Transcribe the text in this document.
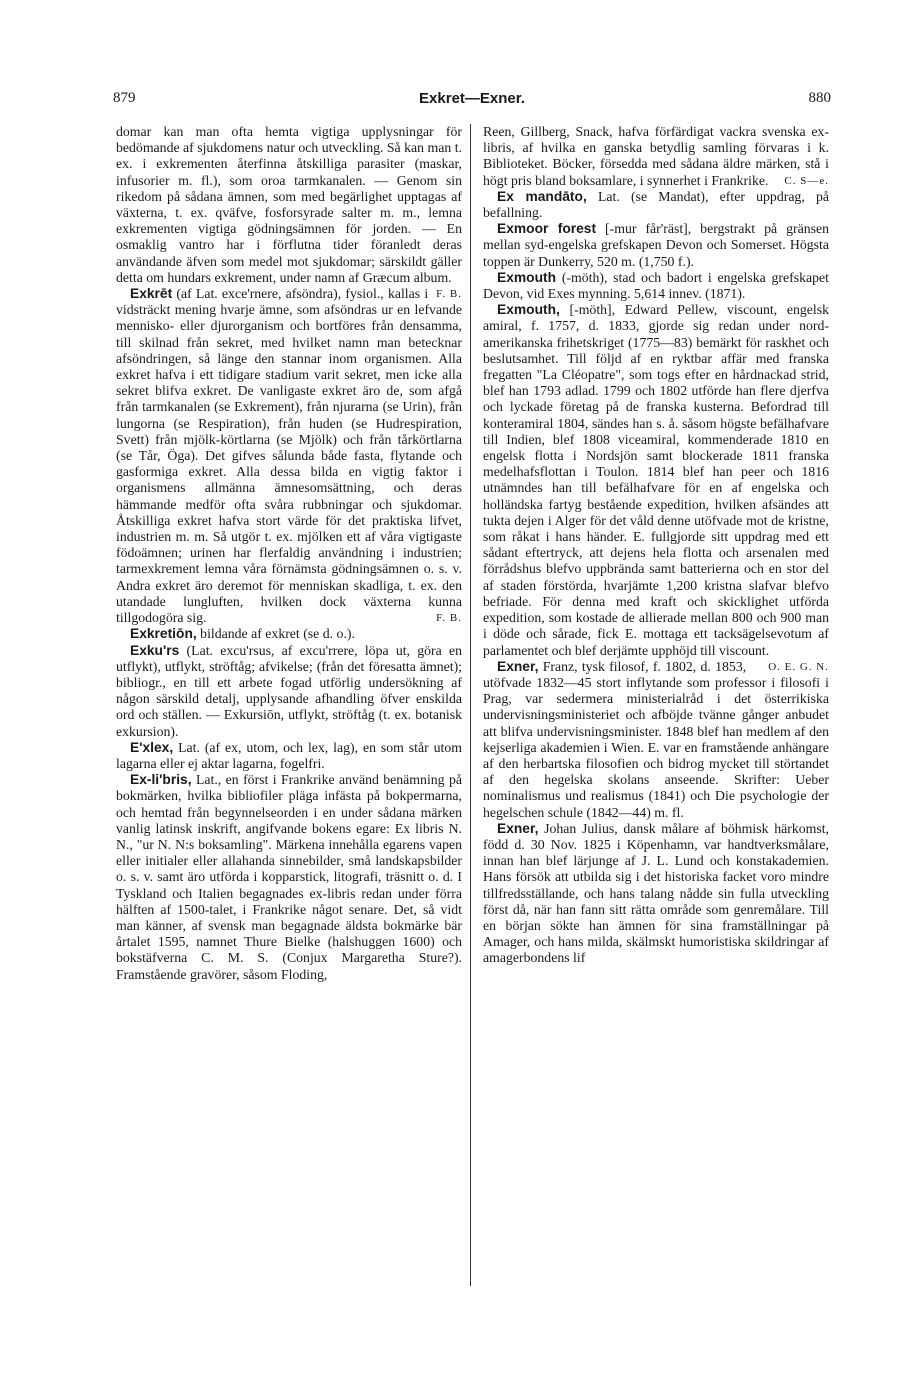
879	Exkret—Exner.	880

domar kan man ofta hemta vigtiga upplysningar för bedömande af sjukdomens natur och utveckling. Så kan man t. ex. i exkrementen återfinna åtskilliga parasiter (maskar, infusorier m. fl.), som oroa tarmkanalen. — Genom sin rikedom på sådana ämnen, som med begärlighet upptagas af växterna, t. ex. qväfve, fosforsyrade salter m. m., lemna exkrementen vigtiga gödningsämnen för jorden. — En osmaklig vantro har i förflutna tider föranledt deras användande äfven som medel mot sjukdomar; särskildt gäller detta om hundars exkrement, under namn af Græcum album.
F. B.

Exkrēt (af Lat. exce'rnere, afsöndra), fysiol., kallas i vidsträckt mening hvarje ämne, som afsöndras ur en lefvande mennisko- eller djurorganism och bortföres från densamma, till skilnad från sekret, med hvilket namn man betecknar afsöndringen, så länge den stannar inom organismen. Alla exkret hafva i ett tidigare stadium varit sekret, men icke alla sekret blifva exkret. De vanligaste exkret äro de, som afgå från tarmkanalen (se Exkrement), från njurarna (se Urin), från lungorna (se Respiration), från huden (se Hudrespiration, Svett) från mjölk-körtlarna (se Mjölk) och från tårkörtlarna (se Tår, Öga). Det gifves sålunda både fasta, flytande och gasformiga exkret. Alla dessa bilda en vigtig faktor i organismens allmänna ämnesomsättning, och deras hämmande medför ofta svåra rubbningar och sjukdomar. Åtskilliga exkret hafva stort värde för det praktiska lifvet, industrien m. m. Så utgör t. ex. mjölken ett af våra vigtigaste födoämnen; urinen har flerfaldig användning i industrien; tarmexkrement lemna våra förnämsta gödningsämnen o. s. v. Andra exkret äro deremot för menniskan skadliga, t. ex. den utandade lungluften, hvilken dock växterna kunna tillgodogöra sig.	F. B.

Exkretiōn, bildande af exkret (se d. o.).

Exku'rs (Lat. excu'rsus, af excu'rrere, löpa ut, göra en utflykt), utflykt, ströftåg; afvikelse; (från det föresatta ämnet); bibliogr., en till ett arbete fogad utförlig undersökning af någon särskild detalj, upplysande afhandling öfver enskilda ord och ställen. — Exkursiōn, utflykt, ströftåg (t. ex. botanisk exkursion).

E'xlex, Lat. (af ex, utom, och lex, lag), en som står utom lagarna eller ej aktar lagarna, fogelfri.

Ex-li'bris, Lat., en först i Frankrike använd benämning på bokmärken, hvilka bibliofiler pläga infästa på bokpermarna, och hemtad från begynnelseorden i en under sådana märken vanlig latinsk inskrift, angifvande bokens egare: Ex libris N. N., "ur N. N:s boksamling". Märkena innehålla egarens vapen eller initialer eller allahanda sinnebilder, små landskapsbilder o. s. v. samt äro utförda i kopparstick, litografi, träsnitt o. d. I Tyskland och Italien begagnades ex-libris redan under förra hälften af 1500-talet, i Frankrike något senare. Det, så vidt man känner, af svensk man begagnade äldsta bokmärke bär årtalet 1595, namnet Thure Bielke (halshuggen 1600) och bokstäfverna C. M. S. (Conjux Margaretha Sture?). Framstående gravörer, såsom Floding,

Reen, Gillberg, Snack, hafva förfärdigat vackra svenska ex-libris, af hvilka en ganska betydlig samling förvaras i k. Biblioteket. Böcker, försedda med sådana äldre märken, stå i högt pris bland boksamlare, i synnerhet i Frankrike. C. S—e.

Ex mandāto, Lat. (se Mandat), efter uppdrag, på befallning.

Exmoor forest [-mur får'räst], bergstrakt på gränsen mellan syd-engelska grefskapen Devon och Somerset. Högsta toppen är Dunkerry, 520 m. (1,750 f.).

Exmouth (-möth), stad och badort i engelska grefskapet Devon, vid Exes mynning. 5,614 innev. (1871).

Exmouth, [-möth], Edward Pellew, viscount, engelsk amiral, f. 1757, d. 1833, gjorde sig redan under nord-amerikanska frihetskriget (1775—83) bemärkt för raskhet och beslutsamhet. Till följd af en ryktbar affär med franska fregatten "La Cléopatre", som togs efter en hårdnackad strid, blef han 1793 adlad. 1799 och 1802 utförde han flere djerfva och lyckade företag på de franska kusterna. Befordrad till konteramiral 1804, sändes han s. å. såsom högste befälhafvare till Indien, blef 1808 viceamiral, kommenderade 1810 en engelsk flotta i Nordsjön samt blockerade 1811 franska medelhafsflottan i Toulon. 1814 blef han peer och 1816 utnämndes han till befälhafvare för en af engelska och holländska fartyg bestående expedition, hvilken afsändes att tukta dejen i Alger för det våld denne utöfvade mot de kristne, som råkat i hans händer. E. fullgjorde sitt uppdrag med ett sådant eftertryck, att dejens hela flotta och arsenalen med förrådshus blefvo uppbrända samt batterierna och en stor del af staden förstörda, hvarjämte 1,200 kristna slafvar blefvo befriade. För denna med kraft och skicklighet utförda expedition, som kostade de allierade mellan 800 och 900 man i döde och sårade, fick E. mottaga ett tacksägelsevotum af parlamentet och blef derjämte upphöjd till viscount.
O. E. G. N.

Exner, Franz, tysk filosof, f. 1802, d. 1853, utöfvade 1832—45 stort inflytande som professor i filosofi i Prag, var sedermera ministerialråd i det österrikiska undervisningsministeriet och afböjde tvänne gånger anbudet att blifva undervisningsminister. 1848 blef han medlem af den kejserliga akademien i Wien. E. var en framstående anhängare af den herbartska filosofien och bidrog mycket till störtandet af den hegelska skolans anseende. Skrifter: Ueber nominalismus und realismus (1841) och Die psychologie der hegelschen schule (1842—44) m. fl.

Exner, Johan Julius, dansk målare af böhmisk härkomst, född d. 30 Nov. 1825 i Köpenhamn, var handtverksmålare, innan han blef lärjunge af J. L. Lund och konstakademien. Hans försök att utbilda sig i det historiska facket voro mindre tillfredsställande, och hans talang nådde sin fulla utveckling först då, när han fann sitt rätta område som genremålare. Till en början sökte han ämnen för sina framställningar på Amager, och hans milda, skälmskt humoristiska skildringar af amagerbondens lif
